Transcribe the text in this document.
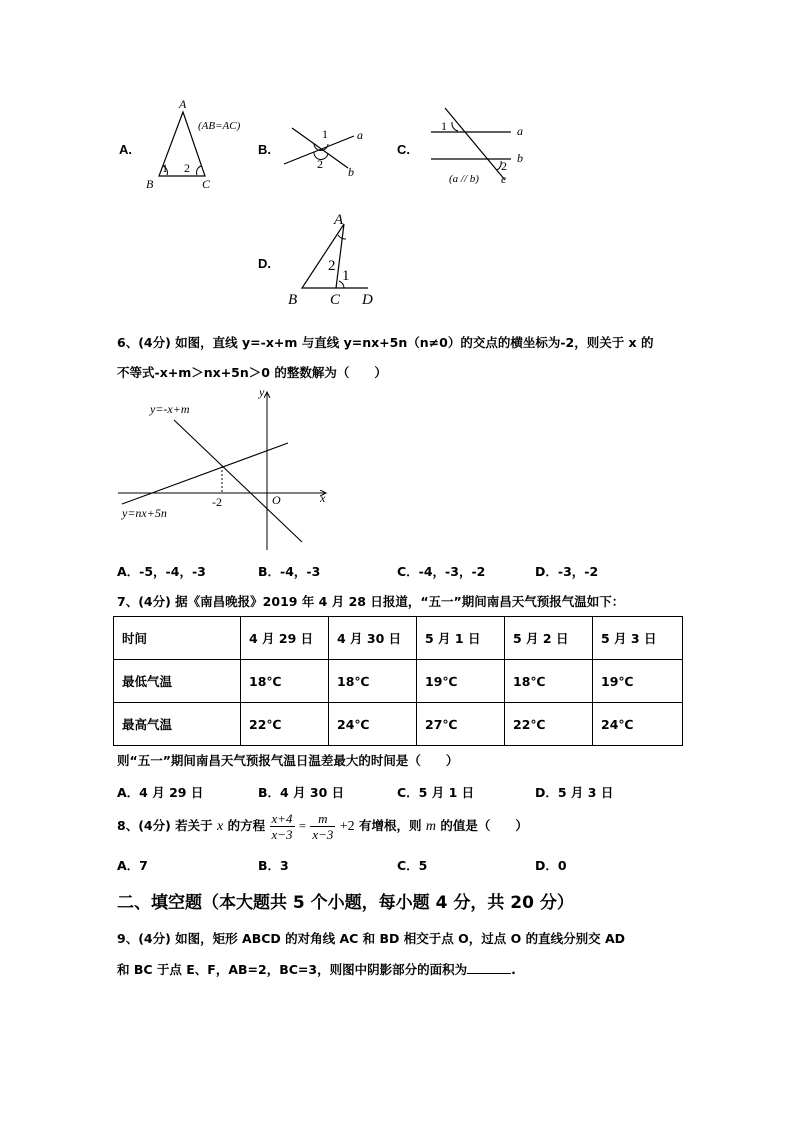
A.
A
B	C
1 2
(AB=AC)
B.
a
b
1
2
C.
a
b
c
1
2
(a // b)
D.
A
B C D
2
1
6、(4分) 如图，直线 y=-x+m 与直线 y=nx+5n（n≠0）的交点的横坐标为-2，则关于 x 的
不等式-x+m＞nx+5n＞0 的整数解为（　　）
y
x
O
-2
y=-x+m
y=nx+5n
A．-5，-4，-3	B．-4，-3	C．-4，-3，-2	D．-3，-2
7、(4分) 据《南昌晚报》2019 年 4 月 28 日报道，“五一”期间南昌天气预报气温如下：
时间	4 月 29 日	4 月 30 日	5 月 1 日	5 月 2 日	5 月 3 日
最低气温	18℃	18℃	19℃	18℃	19℃
最高气温	22℃	24℃	27℃	22℃	24℃
则“五一”期间南昌天气预报气温日温差最大的时间是（　　）
A．4 月 29 日	B．4 月 30 日	C．5 月 1 日	D．5 月 3 日
8、(4分) 若关于 x 的方程 $\frac{x+4}{x-3} = \frac{m}{x-3} +2$ 有增根，则 m 的值是（　　）
A．7	B．3	C．5	D．0
二、填空题（本大题共 5 个小题，每小题 4 分，共 20 分）
9、(4分) 如图，矩形 ABCD 的对角线 AC 和 BD 相交于点 O，过点 O 的直线分别交 AD
和 BC 于点 E、F，AB=2，BC=3，则图中阴影部分的面积为	.
